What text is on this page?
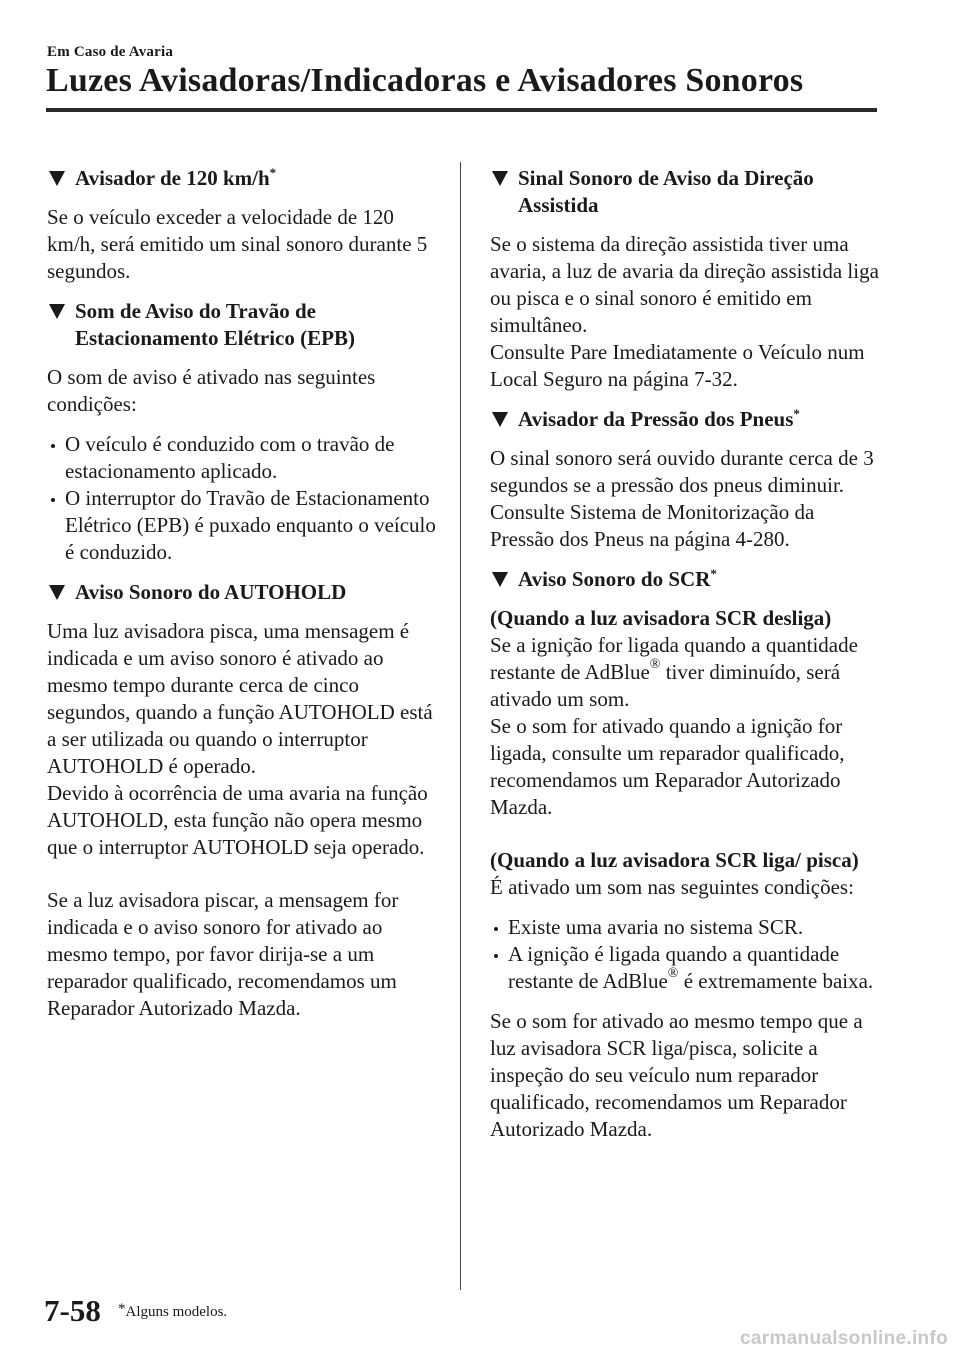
Em Caso de Avaria
Luzes Avisadoras/Indicadoras e Avisadores Sonoros
Avisador de 120 km/h*

Se o veículo exceder a velocidade de 120 km/h, será emitido um sinal sonoro durante 5 segundos.

Som de Aviso do Travão de Estacionamento Elétrico (EPB)

O som de aviso é ativado nas seguintes condições:

O veículo é conduzido com o travão de estacionamento aplicado.
O interruptor do Travão de Estacionamento Elétrico (EPB) é puxado enquanto o veículo é conduzido.
Aviso Sonoro do AUTOHOLD

Uma luz avisadora pisca, uma mensagem é indicada e um aviso sonoro é ativado ao mesmo tempo durante cerca de cinco segundos, quando a função AUTOHOLD está a ser utilizada ou quando o interruptor AUTOHOLD é operado.

Devido à ocorrência de uma avaria na função AUTOHOLD, esta função não opera mesmo que o interruptor AUTOHOLD seja operado.

Se a luz avisadora piscar, a mensagem for indicada e o aviso sonoro for ativado ao mesmo tempo, por favor dirija-se a um reparador qualificado, recomendamos um Reparador Autorizado Mazda.

Sinal Sonoro de Aviso da Direção Assistida

Se o sistema da direção assistida tiver uma avaria, a luz de avaria da direção assistida liga ou pisca e o sinal sonoro é emitido em simultâneo.

Consulte Pare Imediatamente o Veículo num Local Seguro na página 7-32.

Avisador da Pressão dos Pneus*

O sinal sonoro será ouvido durante cerca de 3 segundos se a pressão dos pneus diminuir.

Consulte Sistema de Monitorização da Pressão dos Pneus na página 4-280.

Aviso Sonoro do SCR*

(Quando a luz avisadora SCR desliga)

Se a ignição for ligada quando a quantidade restante de AdBlue® tiver diminuído, será ativado um som.

Se o som for ativado quando a ignição for ligada, consulte um reparador qualificado, recomendamos um Reparador Autorizado Mazda.

(Quando a luz avisadora SCR liga/ pisca)

É ativado um som nas seguintes condições:

Existe uma avaria no sistema SCR.
A ignição é ligada quando a quantidade restante de AdBlue® é extremamente baixa.

Se o som for ativado ao mesmo tempo que a luz avisadora SCR liga/pisca, solicite a inspeção do seu veículo num reparador qualificado, recomendamos um Reparador Autorizado Mazda.

7-58 *Alguns modelos.
carmanualsonline.info
